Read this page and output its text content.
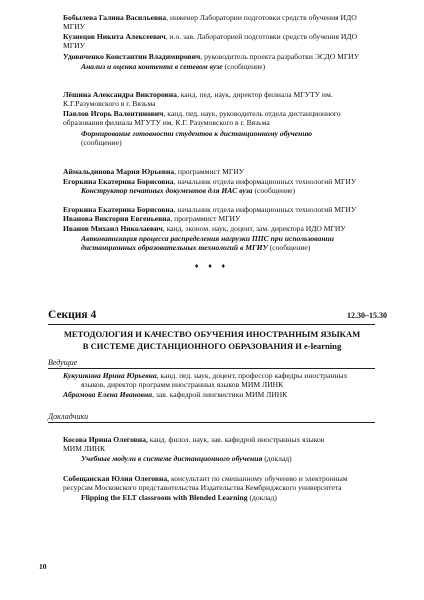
Бобылева Галина Васильевна, инженер Лаборатории подготовки средств обучения ИДО
МГИУ
Кузнецов Никита Алексеевич, и.о. зав. Лабораторией подготовки средств обучения ИДО
МГИУ
Удовиченко Константин Владимирович, руководитель проекта разработки ЭСДО МГИУ
Анализ и оценка контента в сетевом вузе (сообщение)
Лёшина Александра Викторовна, канд. пед. наук, директор филиала МГУТУ им.
К.Г.Разумовского в г. Вязьма
Павлов Игорь Валентинович, канд. пед. наук, руководитель отдела дистанционного
образования филиала МГУТУ им. К.Г. Разумовского в г. Вязьма
Формирование готовности студентов к дистанционному обучению
(сообщение)
Аймальдинова Мария Юрьевна, программист МГИУ
Егоркина Екатерина Борисовна, начальник отдела информационных технологий МГИУ
Конструктор печатных документов для ИАС вуза (сообщение)
Егоркина Екатерина Борисовна, начальник отдела информационных технологий МГИУ
Иванова Виктория Евгеньевна, программист МГИУ
Иванов Михаил Николаевич, канд. эконом. наук, доцент, зам. директора ИДО МГИУ
Автоматизация процесса распределения нагрузки ППС при использовании
дистанционных образовательных технологий в МГИУ (сообщение)
♦ ♦ ♦
Секция 4	12.30–15.30
МЕТОДОЛОГИЯ И КАЧЕСТВО ОБУЧЕНИЯ ИНОСТРАННЫМ ЯЗЫКАМ
В СИСТЕМЕ ДИСТАНЦИОННОГО ОБРАЗОВАНИЯ И e-learning
Ведущие
Кукушкина Ирина Юрьевна, канд. пед. наук, доцент, профессор кафедры иностранных
языков, директор программ иностранных языков МИМ ЛИНК
Абрамова Елена Ивановна, зав. кафедрой лингвистики МИМ ЛИНК
Докладчики
Косова Ирина Олеговна, канд. филол. наук, зав. кафедрой иностранных языков
МИМ ЛИНК
Учебные модули в системе дистанционного обучения (доклад)
Собещанская Юлия Олеговна, консультант по смешанному обучению и электронным
ресурсам Московского представительства Издательства Кембриджского университета
Flipping the ELT classroom with Blended Learning (доклад)
10
